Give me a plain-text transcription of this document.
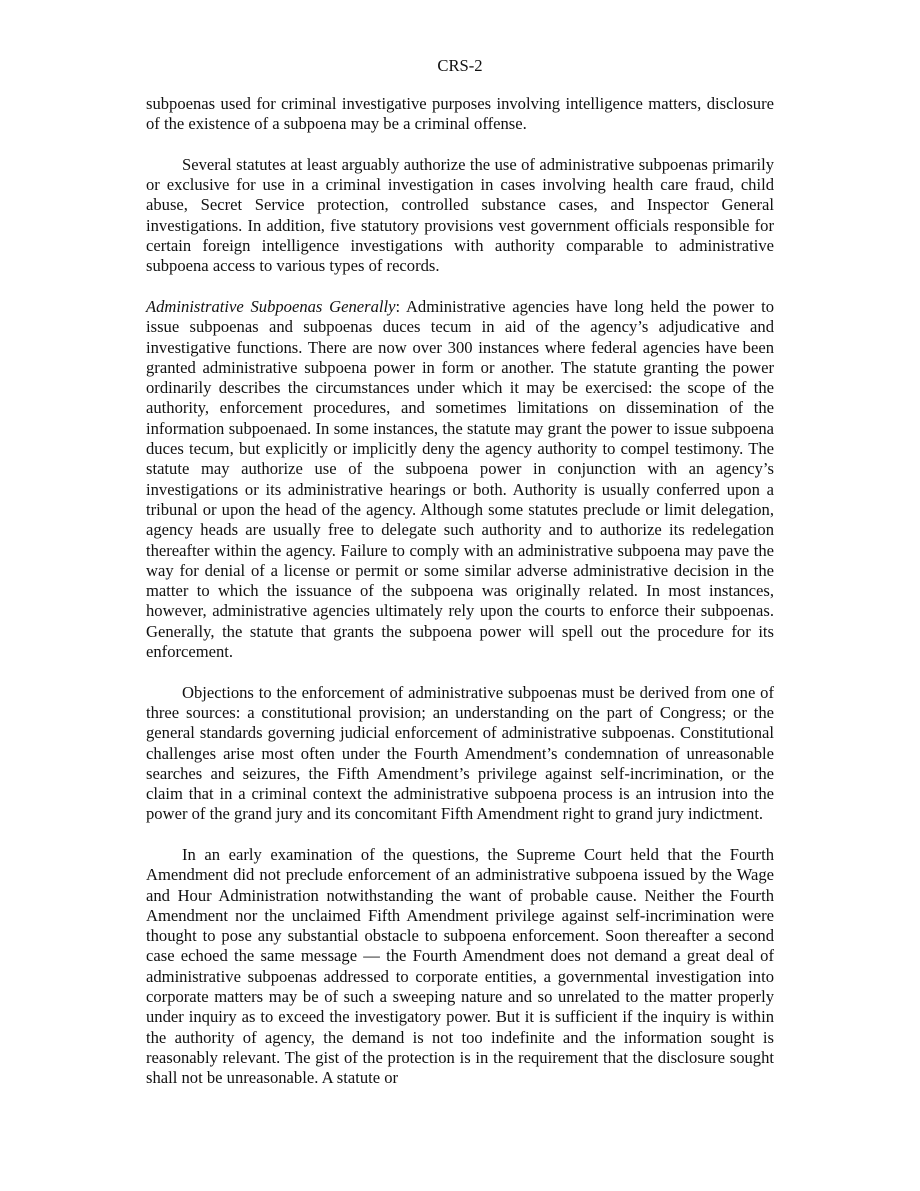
CRS-2

subpoenas used for criminal investigative purposes involving intelligence matters, disclosure of the existence of a subpoena may be a criminal offense.

Several statutes at least arguably authorize the use of administrative subpoenas primarily or exclusive for use in a criminal investigation in cases involving health care fraud, child abuse, Secret Service protection, controlled substance cases, and Inspector General investigations. In addition, five statutory provisions vest government officials responsible for certain foreign intelligence investigations with authority comparable to administrative subpoena access to various types of records.

Administrative Subpoenas Generally: Administrative agencies have long held the power to issue subpoenas and subpoenas duces tecum in aid of the agency’s adjudicative and investigative functions. There are now over 300 instances where federal agencies have been granted administrative subpoena power in form or another. The statute granting the power ordinarily describes the circumstances under which it may be exercised: the scope of the authority, enforcement procedures, and sometimes limitations on dissemination of the information subpoenaed. In some instances, the statute may grant the power to issue subpoena duces tecum, but explicitly or implicitly deny the agency authority to compel testimony. The statute may authorize use of the subpoena power in conjunction with an agency’s investigations or its administrative hearings or both. Authority is usually conferred upon a tribunal or upon the head of the agency. Although some statutes preclude or limit delegation, agency heads are usually free to delegate such authority and to authorize its redelegation thereafter within the agency. Failure to comply with an administrative subpoena may pave the way for denial of a license or permit or some similar adverse administrative decision in the matter to which the issuance of the subpoena was originally related. In most instances, however, administrative agencies ultimately rely upon the courts to enforce their subpoenas. Generally, the statute that grants the subpoena power will spell out the procedure for its enforcement.

Objections to the enforcement of administrative subpoenas must be derived from one of three sources: a constitutional provision; an understanding on the part of Congress; or the general standards governing judicial enforcement of administrative subpoenas. Constitutional challenges arise most often under the Fourth Amendment’s condemnation of unreasonable searches and seizures, the Fifth Amendment’s privilege against self-incrimination, or the claim that in a criminal context the administrative subpoena process is an intrusion into the power of the grand jury and its concomitant Fifth Amendment right to grand jury indictment.

In an early examination of the questions, the Supreme Court held that the Fourth Amendment did not preclude enforcement of an administrative subpoena issued by the Wage and Hour Administration notwithstanding the want of probable cause. Neither the Fourth Amendment nor the unclaimed Fifth Amendment privilege against self-incrimination were thought to pose any substantial obstacle to subpoena enforcement. Soon thereafter a second case echoed the same message — the Fourth Amendment does not demand a great deal of administrative subpoenas addressed to corporate entities, a governmental investigation into corporate matters may be of such a sweeping nature and so unrelated to the matter properly under inquiry as to exceed the investigatory power. But it is sufficient if the inquiry is within the authority of agency, the demand is not too indefinite and the information sought is reasonably relevant. The gist of the protection is in the requirement that the disclosure sought shall not be unreasonable. A statute or
